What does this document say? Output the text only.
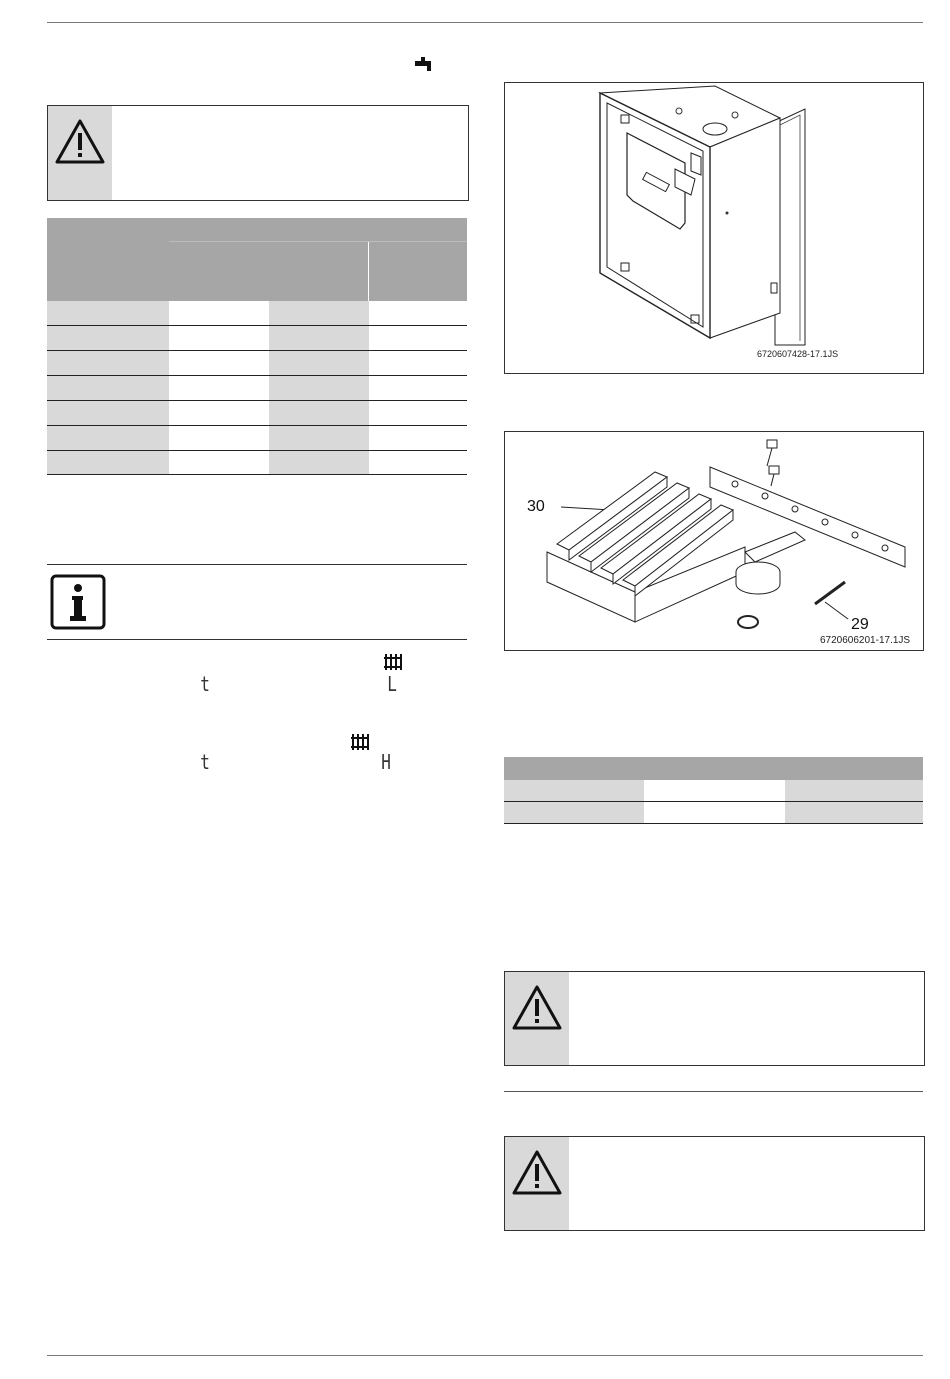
t	L
t	H
6720607428-17.1JS
30
29
6720606201-17.1JS
